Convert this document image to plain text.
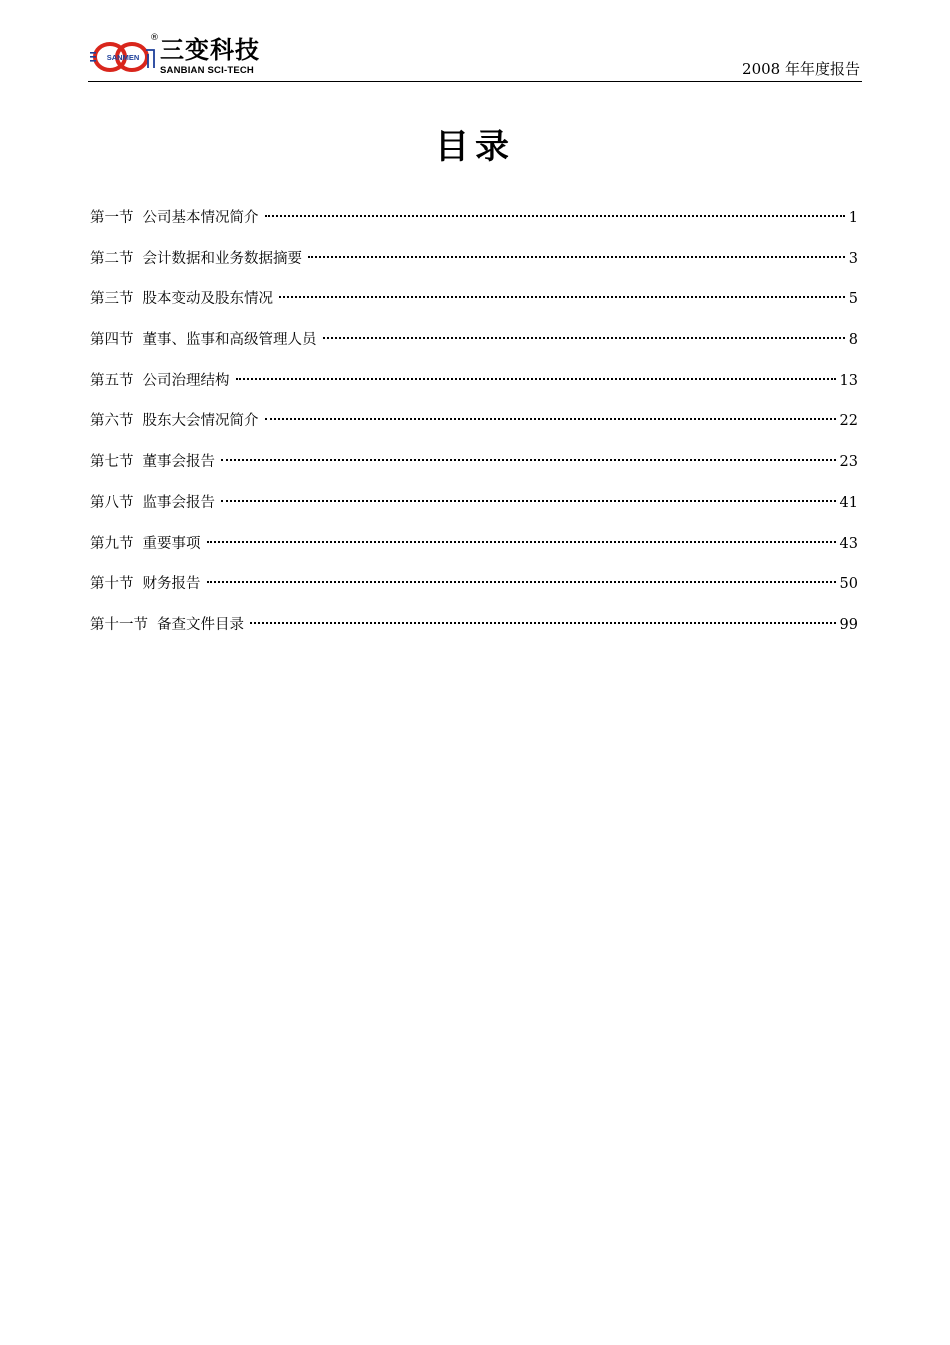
SANMEN
® 三变科技
SANBIAN SCI-TECH	2008 年年度报告
目录
第一节 公司基本情况简介	1
第二节 会计数据和业务数据摘要	3
第三节 股本变动及股东情况	5
第四节 董事、监事和高级管理人员	8
第五节 公司治理结构	13
第六节 股东大会情况简介	22
第七节 董事会报告	23
第八节 监事会报告	41
第九节 重要事项	43
第十节 财务报告	50
第十一节 备查文件目录	99
